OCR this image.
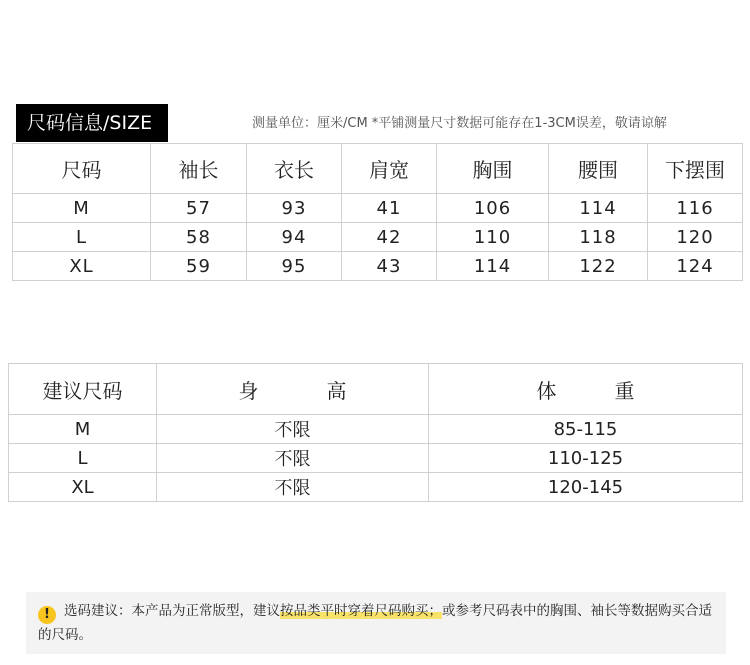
尺码信息/SIZE	测量单位：厘米/CM *平铺测量尺寸数据可能存在1-3CM误差，敬请谅解
尺码	袖长	衣长	肩宽	胸围	腰围	下摆围
M	57	93	41	106	114	116
L	58	94	42	110	118	120
XL	59	95	43	114	122	124
建议尺码	身高	体重
M	不限	85-115
L	不限	110-125
XL	不限	120-145
! 选码建议：本产品为正常版型，建议按品类平时穿着尺码购买；或参考尺码表中的胸围、袖长等数据购买合适的尺码。
